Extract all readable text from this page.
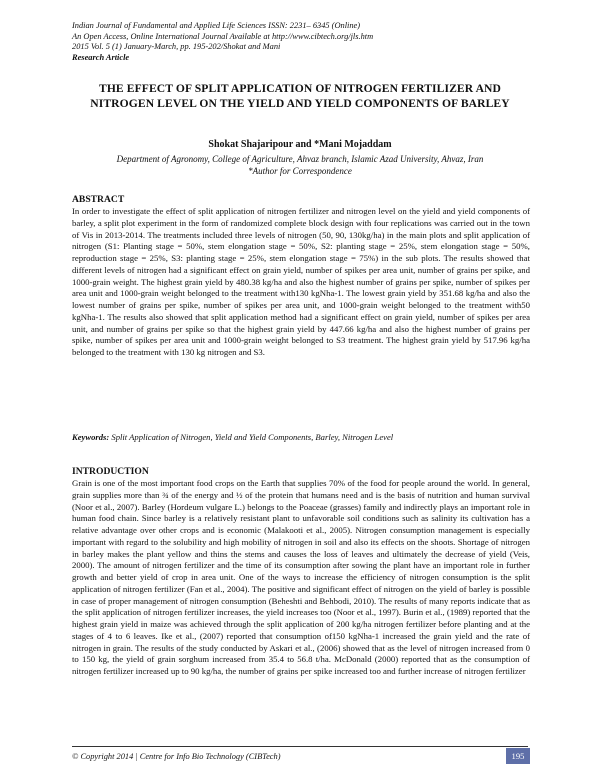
Indian Journal of Fundamental and Applied Life Sciences ISSN: 2231– 6345 (Online)
An Open Access, Online International Journal Available at http://www.cibtech.org/jls.htm
2015 Vol. 5 (1) January-March, pp. 195-202/Shokat and Mani
Research Article
THE EFFECT OF SPLIT APPLICATION OF NITROGEN FERTILIZER AND NITROGEN LEVEL ON THE YIELD AND YIELD COMPONENTS OF BARLEY
Shokat Shajaripour and *Mani Mojaddam
Department of Agronomy, College of Agriculture, Ahvaz branch, Islamic Azad University, Ahvaz, Iran
*Author for Correspondence
ABSTRACT
In order to investigate the effect of split application of nitrogen fertilizer and nitrogen level on the yield and yield components of barley, a split plot experiment in the form of randomized complete block design with four replications was carried out in the town of Vis in 2013-2014. The treatments included three levels of nitrogen (50, 90, 130kg/ha) in the main plots and split application of nitrogen (S1: Planting stage = 50%, stem elongation stage = 50%, S2: planting stage = 25%, stem elongation stage = 50%, reproduction stage = 25%, S3: planting stage = 25%, stem elongation stage = 75%) in the sub plots. The results showed that different levels of nitrogen had a significant effect on grain yield, number of spikes per area unit, number of grains per spike, and 1000-grain weight. The highest grain yield by 480.38 kg/ha and also the highest number of grains per spike, number of spikes per area unit and 1000-grain weight belonged to the treatment with130 kgNha-1. The lowest grain yield by 351.68 kg/ha and also the lowest number of grains per spike, number of spikes per area unit, and 1000-grain weight belonged to the treatment with50 kgNha-1. The results also showed that split application method had a significant effect on grain yield, number of spikes per area unit, and number of grains per spike so that the highest grain yield by 447.66 kg/ha and also the highest number of grains per spike, number of spikes per area unit and 1000-grain weight belonged to S3 treatment. The highest grain yield by 517.96 kg/ha belonged to the treatment with 130 kg nitrogen and S3.
Keywords: Split Application of Nitrogen, Yield and Yield Components, Barley, Nitrogen Level
INTRODUCTION
Grain is one of the most important food crops on the Earth that supplies 70% of the food for people around the world. In general, grain supplies more than ¾ of the energy and ½ of the protein that humans need and is the basis of nutrition and human survival (Noor et al., 2007). Barley (Hordeum vulgare L.) belongs to the Poaceae (grasses) family and indirectly plays an important role in human food chain. Since barley is a relatively resistant plant to unfavorable soil conditions such as salinity its cultivation has a relative advantage over other crops and is economic (Malakooti et al., 2005). Nitrogen consumption management is especially important with regard to the solubility and high mobility of nitrogen in soil and also its effects on the shoots. Shortage of nitrogen in barley makes the plant yellow and thins the stems and causes the loss of leaves and ultimately the decrease of yield (Veis, 2000). The amount of nitrogen fertilizer and the time of its consumption after sowing the plant have an important role in further growth and better yield of crop in area unit. One of the ways to increase the efficiency of nitrogen consumption is the split application of nitrogen fertilizer (Fan et al., 2004). The positive and significant effect of nitrogen on the yield of barley is possible in case of proper management of nitrogen consumption (Beheshti and Behbodi, 2010). The results of many reports indicate that as the split application of nitrogen fertilizer increases, the yield increases too (Noor et al., 1997). Burin et al., (1989) reported that the highest grain yield in maize was achieved through the split application of 200 kg/ha nitrogen fertilizer before planting and at the stages of 4 to 6 leaves. Ike et al., (2007) reported that consumption of150 kgNha-1 increased the grain yield and the rate of nitrogen in grain. The results of the study conducted by Askari et al., (2006) showed that as the level of nitrogen increased from 0 to 150 kg, the yield of grain sorghum increased from 35.4 to 56.8 t/ha. McDonald (2000) reported that as the consumption of nitrogen fertilizer increased up to 90 kg/ha, the number of grains per spike increased too and further increase of nitrogen fertilizer
© Copyright 2014 | Centre for Info Bio Technology (CIBTech)	195
